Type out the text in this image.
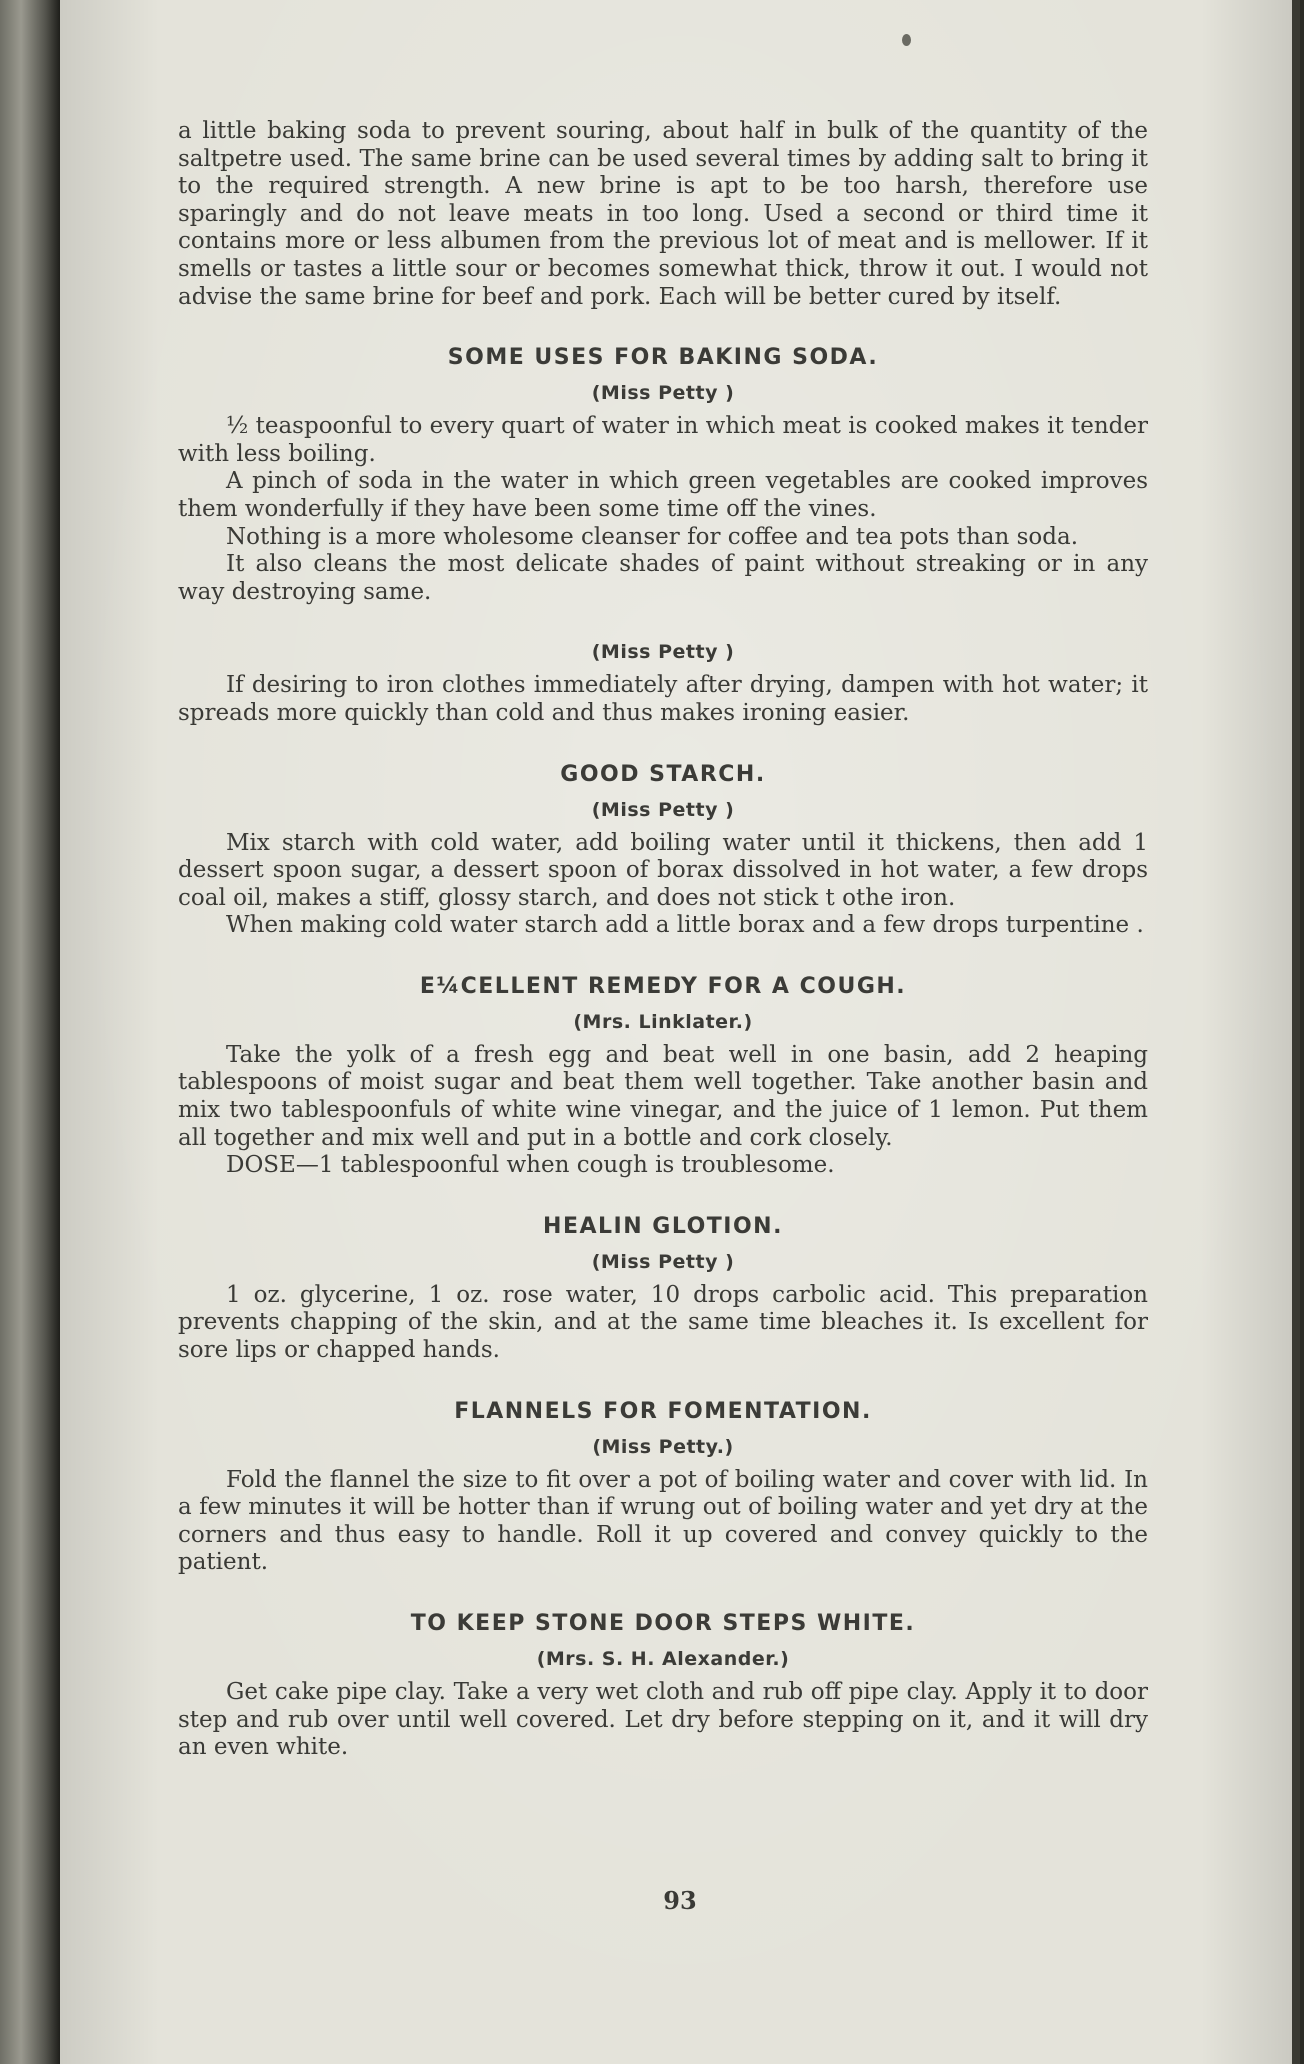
a little baking soda to prevent souring, about half in bulk of the quantity of the saltpetre used. The same brine can be used several times by adding salt to bring it to the required strength. A new brine is apt to be too harsh, therefore use sparingly and do not leave meats in too long. Used a second or third time it contains more or less albumen from the previous lot of meat and is mellower. If it smells or tastes a little sour or becomes somewhat thick, throw it out. I would not advise the same brine for beef and pork. Each will be better cured by itself.

SOME USES FOR BAKING SODA.
(Miss Petty )

½ teaspoonful to every quart of water in which meat is cooked makes it tender with less boiling.

A pinch of soda in the water in which green vegetables are cooked improves them wonderfully if they have been some time off the vines.

Nothing is a more wholesome cleanser for coffee and tea pots than soda.

It also cleans the most delicate shades of paint without streaking or in any way destroying same.

(Miss Petty )

If desiring to iron clothes immediately after drying, dampen with hot water; it spreads more quickly than cold and thus makes ironing easier.

GOOD STARCH.
(Miss Petty )

Mix starch with cold water, add boiling water until it thickens, then add 1 dessert spoon sugar, a dessert spoon of borax dissolved in hot water, a few drops coal oil, makes a stiff, glossy starch, and does not stick t othe iron.

When making cold water starch add a little borax and a few drops turpentine .

E¼CELLENT REMEDY FOR A COUGH.
(Mrs. Linklater.)

Take the yolk of a fresh egg and beat well in one basin, add 2 heaping tablespoons of moist sugar and beat them well together. Take another basin and mix two tablespoonfuls of white wine vinegar, and the juice of 1 lemon. Put them all together and mix well and put in a bottle and cork closely.

DOSE—1 tablespoonful when cough is troublesome.

HEALIN GLOTION.
(Miss Petty )

1 oz. glycerine, 1 oz. rose water, 10 drops carbolic acid. This preparation prevents chapping of the skin, and at the same time bleaches it. Is excellent for sore lips or chapped hands.

FLANNELS FOR FOMENTATION.
(Miss Petty.)

Fold the flannel the size to fit over a pot of boiling water and cover with lid. In a few minutes it will be hotter than if wrung out of boiling water and yet dry at the corners and thus easy to handle. Roll it up covered and convey quickly to the patient.

TO KEEP STONE DOOR STEPS WHITE.
(Mrs. S. H. Alexander.)

Get cake pipe clay. Take a very wet cloth and rub off pipe clay. Apply it to door step and rub over until well covered. Let dry before stepping on it, and it will dry an even white.

93
